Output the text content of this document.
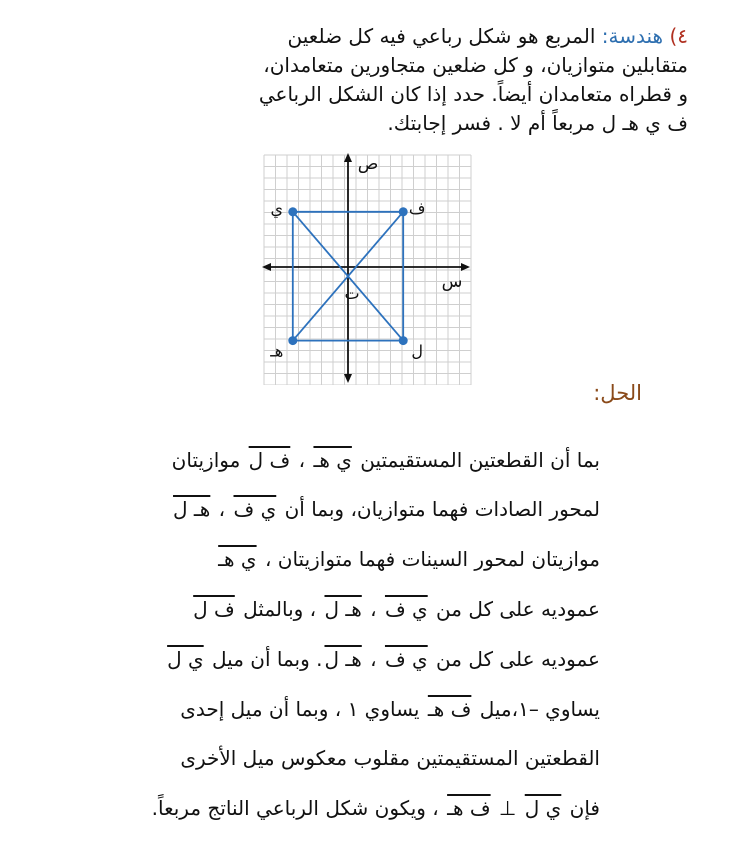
٤) هندسة: المربع هو شكل رباعي فيه كل ضلعين
متقابلين متوازيان، و كل ضلعين متجاورين متعامدان،
و قطراه متعامدان أيضاً. حدد إذا كان الشكل الرباعي
ف ي هـ ل مربعاً أم لا . فسر إجابتك.
ص
س
ت
ي	ف
ل
هـ
الحل:
بما أن القطعتين المستقيمتين ي هـ ، ف ل موازيتان
لمحور الصادات فهما متوازيان، وبما أن ي ف ، هـ ل
موازيتان لمحور السينات فهما متوازيتان ، ي هـ
عموديه على كل من ي ف ، هـ ل ، وبالمثل ف ل
عموديه على كل من ي ف ، هـ ل. وبما أن ميل ي ل
يساوي –١،ميل ف هـ يساوي ١ ، وبما أن ميل إحدى
القطعتين المستقيمتين مقلوب معكوس ميل الأخرى
فإن ي ل ⊥ ف هـ ، ويكون شكل الرباعي الناتج مربعاً.
